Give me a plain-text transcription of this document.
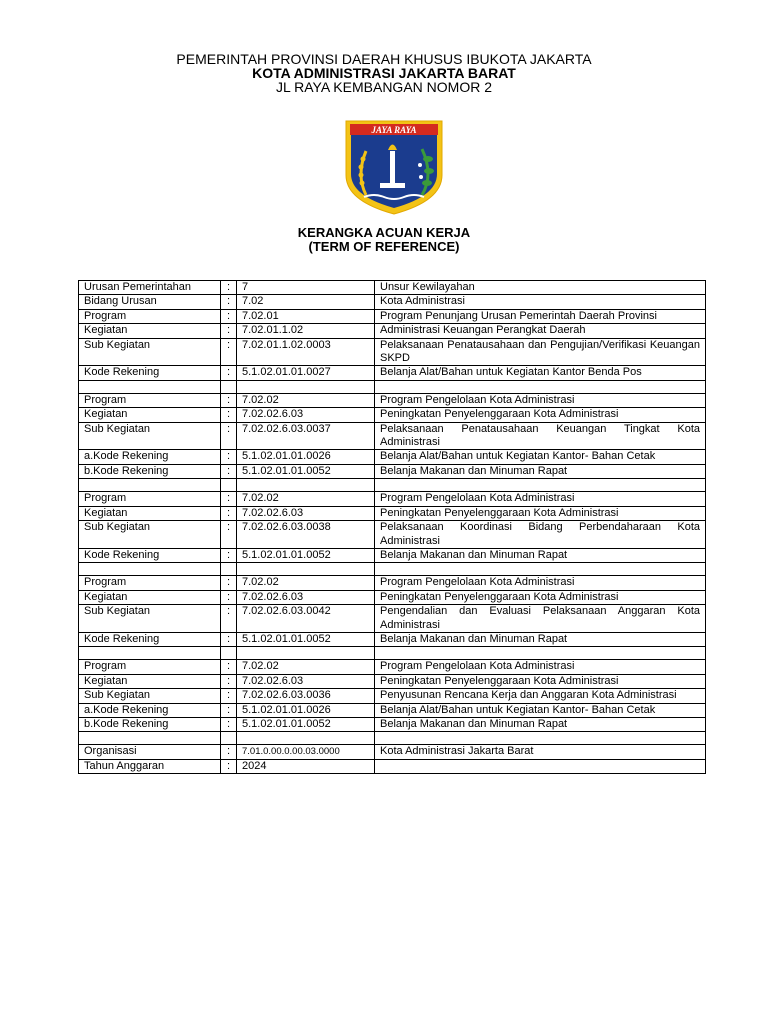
PEMERINTAH PROVINSI DAERAH KHUSUS IBUKOTA JAKARTA
KOTA ADMINISTRASI JAKARTA BARAT
JL RAYA KEMBANGAN NOMOR 2
JAYA RAYA
KERANGKA ACUAN KERJA
(TERM OF REFERENCE)
Urusan Pemerintahan	:	7	Unsur Kewilayahan
Bidang Urusan	:	7.02	Kota Administrasi
Program	:	7.02.01	Program Penunjang Urusan Pemerintah Daerah Provinsi
Kegiatan	:	7.02.01.1.02	Administrasi Keuangan Perangkat Daerah
Sub Kegiatan	:	7.02.01.1.02.0003	Pelaksanaan Penatausahaan dan Pengujian/Verifikasi Keuangan SKPD
Kode Rekening	:	5.1.02.01.01.0027	Belanja Alat/Bahan untuk Kegiatan Kantor Benda Pos

Program	:	7.02.02	Program Pengelolaan Kota Administrasi
Kegiatan	:	7.02.02.6.03	Peningkatan Penyelenggaraan Kota Administrasi
Sub Kegiatan	:	7.02.02.6.03.0037	Pelaksanaan Penatausahaan Keuangan Tingkat Kota Administrasi
a.Kode Rekening	:	5.1.02.01.01.0026	Belanja Alat/Bahan untuk Kegiatan Kantor- Bahan Cetak
b.Kode Rekening	:	5.1.02.01.01.0052	Belanja Makanan dan Minuman Rapat

Program	:	7.02.02	Program Pengelolaan Kota Administrasi
Kegiatan	:	7.02.02.6.03	Peningkatan Penyelenggaraan Kota Administrasi
Sub Kegiatan	:	7.02.02.6.03.0038	Pelaksanaan Koordinasi Bidang Perbendaharaan Kota Administrasi
Kode Rekening	:	5.1.02.01.01.0052	Belanja Makanan dan Minuman Rapat

Program	:	7.02.02	Program Pengelolaan Kota Administrasi
Kegiatan	:	7.02.02.6.03	Peningkatan Penyelenggaraan Kota Administrasi
Sub Kegiatan	:	7.02.02.6.03.0042	Pengendalian dan Evaluasi Pelaksanaan Anggaran Kota Administrasi
Kode Rekening	:	5.1.02.01.01.0052	Belanja Makanan dan Minuman Rapat

Program	:	7.02.02	Program Pengelolaan Kota Administrasi
Kegiatan	:	7.02.02.6.03	Peningkatan Penyelenggaraan Kota Administrasi
Sub Kegiatan	:	7.02.02.6.03.0036	Penyusunan Rencana Kerja dan Anggaran Kota Administrasi
a.Kode Rekening	:	5.1.02.01.01.0026	Belanja Alat/Bahan untuk Kegiatan Kantor- Bahan Cetak
b.Kode Rekening	:	5.1.02.01.01.0052	Belanja Makanan dan Minuman Rapat

Organisasi	:	7.01.0.00.0.00.03.0000	Kota Administrasi Jakarta Barat
Tahun Anggaran	:	2024	
